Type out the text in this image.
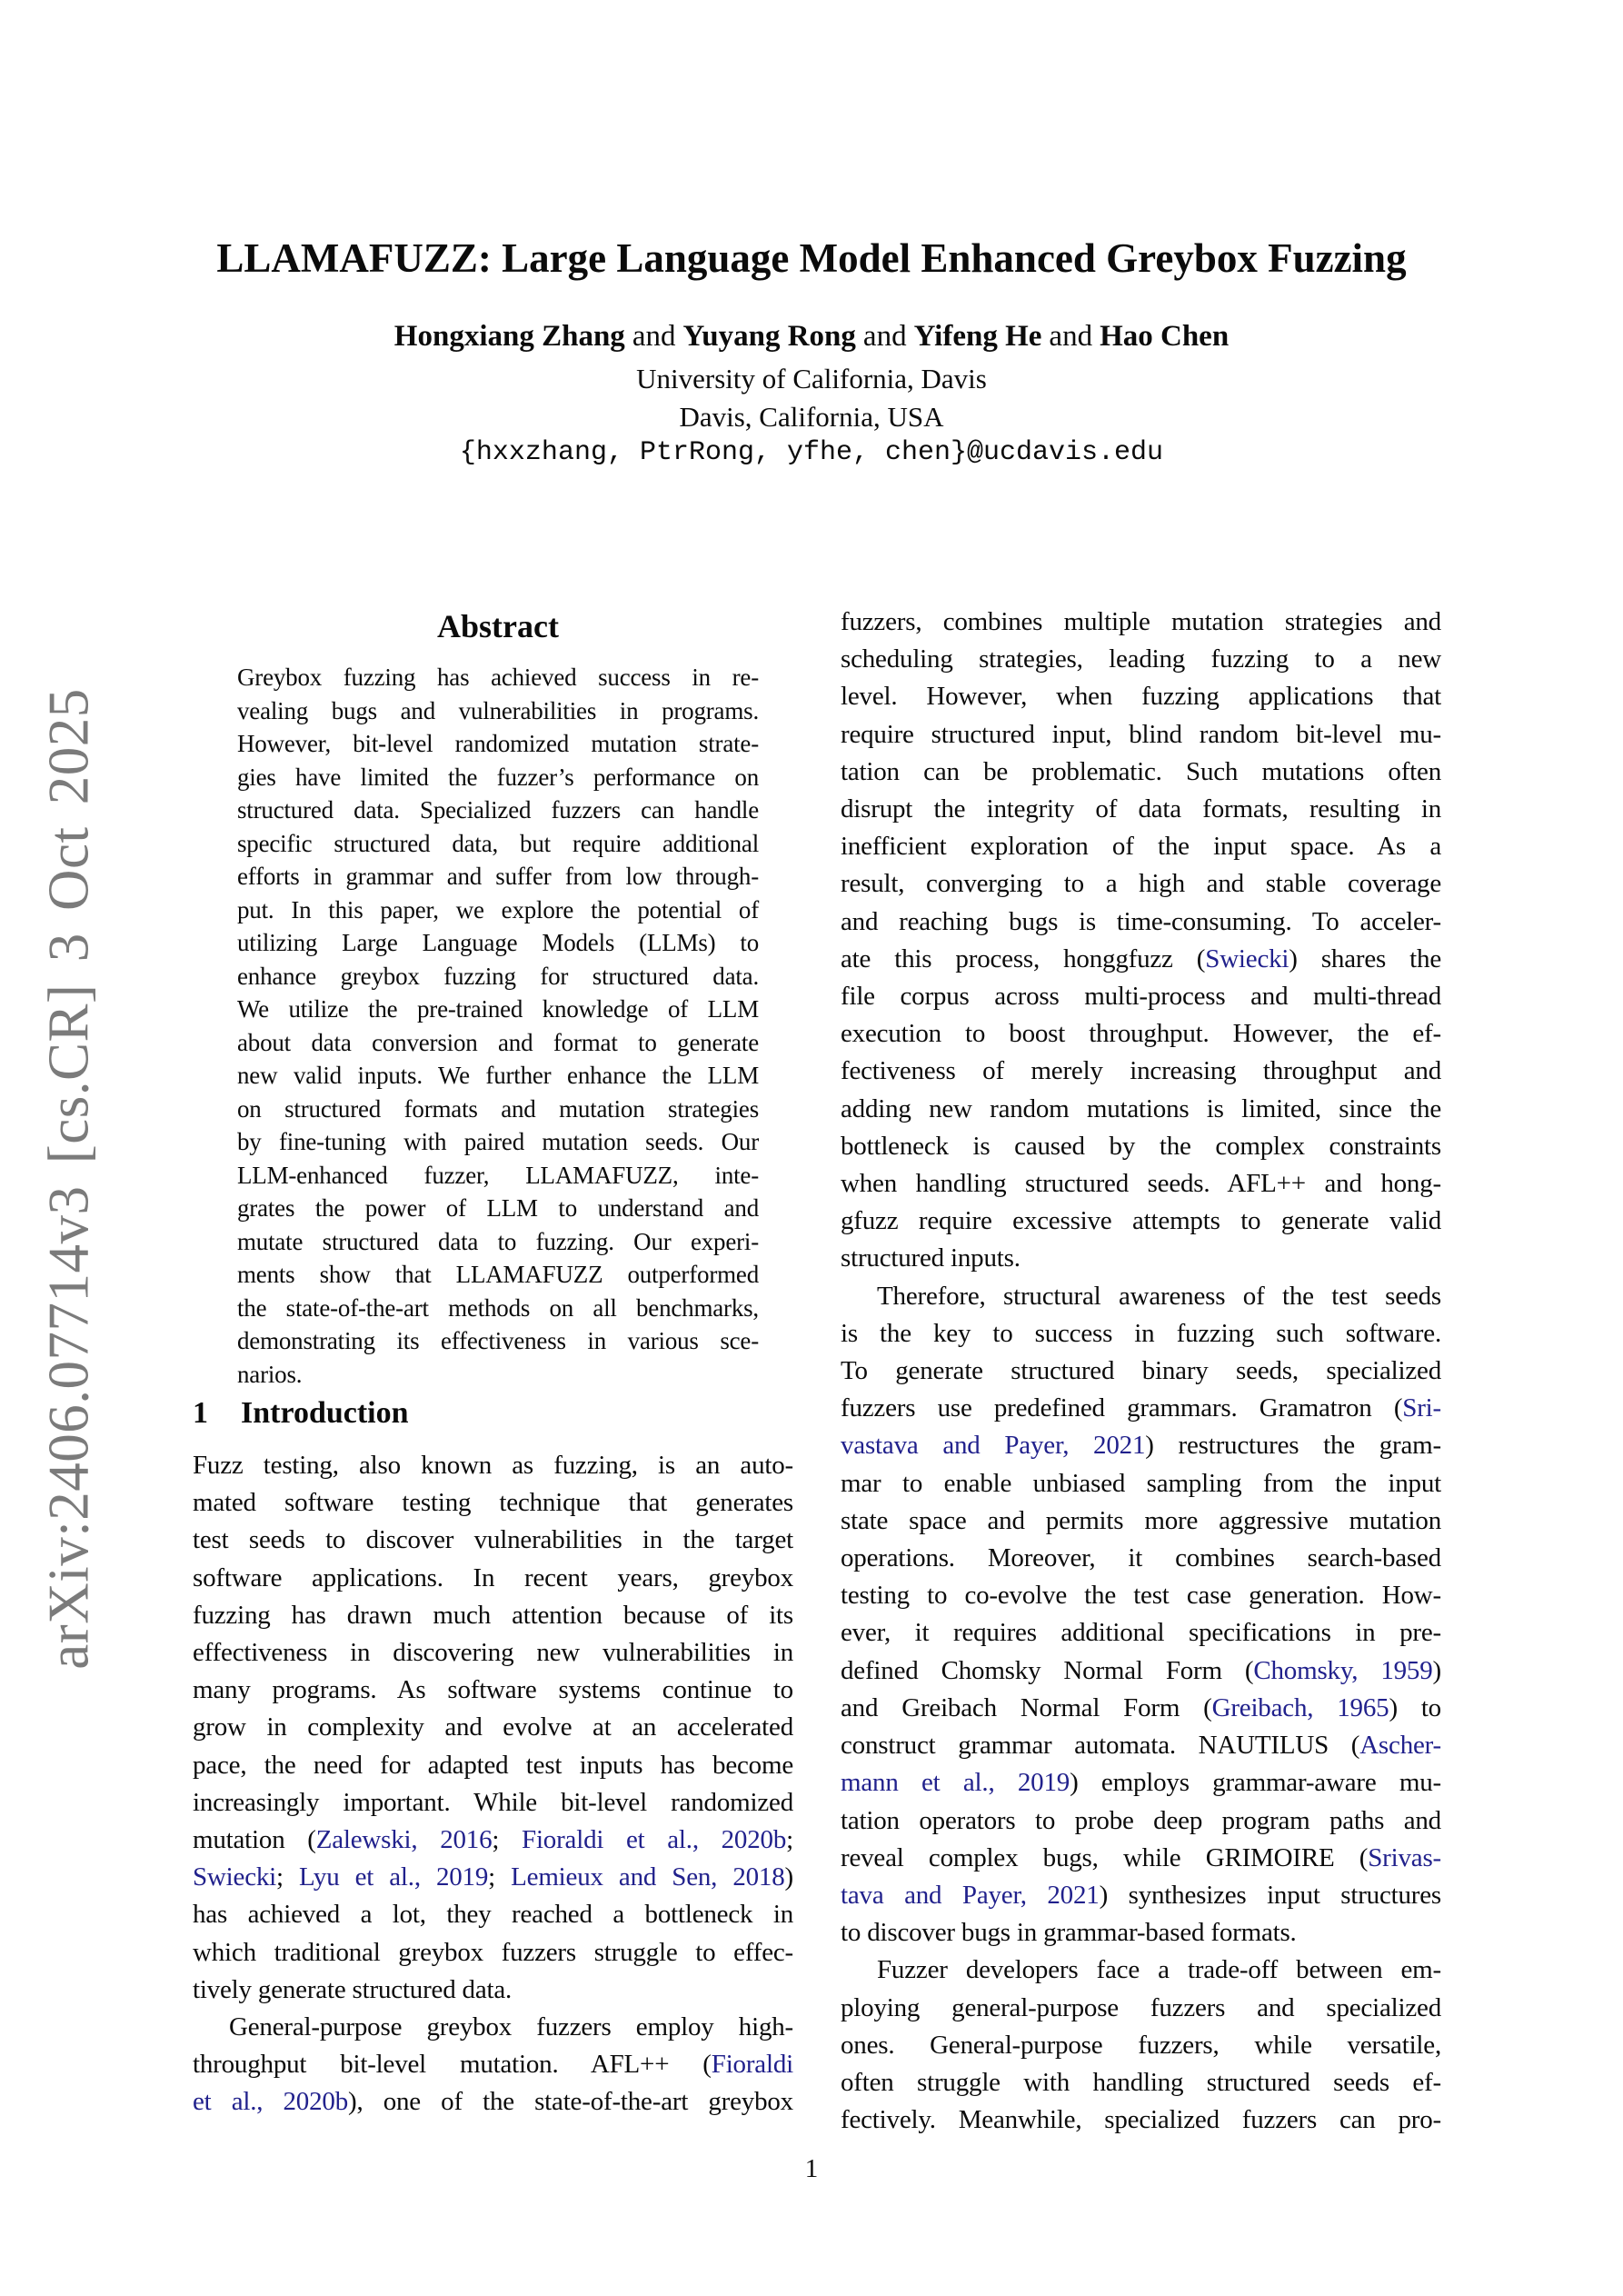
arXiv:2406.07714v3 [cs.CR] 3 Oct 2025
LLAMAFUZZ: Large Language Model Enhanced Greybox Fuzzing
Hongxiang Zhang and Yuyang Rong and Yifeng He and Hao Chen
University of California, Davis
Davis, California, USA
{hxxzhang, PtrRong, yfhe, chen}@ucdavis.edu
Abstract
Greybox fuzzing has achieved success in re-
vealing bugs and vulnerabilities in programs.
However, bit-level randomized mutation strate-
gies have limited the fuzzer’s performance on
structured data. Specialized fuzzers can handle
specific structured data, but require additional
efforts in grammar and suffer from low through-
put. In this paper, we explore the potential of
utilizing Large Language Models (LLMs) to
enhance greybox fuzzing for structured data.
We utilize the pre-trained knowledge of LLM
about data conversion and format to generate
new valid inputs. We further enhance the LLM
on structured formats and mutation strategies
by fine-tuning with paired mutation seeds. Our
LLM-enhanced fuzzer, LLAMAFUZZ, inte-
grates the power of LLM to understand and
mutate structured data to fuzzing. Our experi-
ments show that LLAMAFUZZ outperformed
the state-of-the-art methods on all benchmarks,
demonstrating its effectiveness in various sce-
narios.
1 Introduction
Fuzz testing, also known as fuzzing, is an auto-
mated software testing technique that generates
test seeds to discover vulnerabilities in the target
software applications. In recent years, greybox
fuzzing has drawn much attention because of its
effectiveness in discovering new vulnerabilities in
many programs. As software systems continue to
grow in complexity and evolve at an accelerated
pace, the need for adapted test inputs has become
increasingly important. While bit-level randomized
mutation (Zalewski, 2016; Fioraldi et al., 2020b;
Swiecki; Lyu et al., 2019; Lemieux and Sen, 2018)
has achieved a lot, they reached a bottleneck in
which traditional greybox fuzzers struggle to effec-
tively generate structured data.
General-purpose greybox fuzzers employ high-
throughput bit-level mutation. AFL++ (Fioraldi
et al., 2020b), one of the state-of-the-art greybox
fuzzers, combines multiple mutation strategies and
scheduling strategies, leading fuzzing to a new
level. However, when fuzzing applications that
require structured input, blind random bit-level mu-
tation can be problematic. Such mutations often
disrupt the integrity of data formats, resulting in
inefficient exploration of the input space. As a
result, converging to a high and stable coverage
and reaching bugs is time-consuming. To acceler-
ate this process, honggfuzz (Swiecki) shares the
file corpus across multi-process and multi-thread
execution to boost throughput. However, the ef-
fectiveness of merely increasing throughput and
adding new random mutations is limited, since the
bottleneck is caused by the complex constraints
when handling structured seeds. AFL++ and hong-
gfuzz require excessive attempts to generate valid
structured inputs.
Therefore, structural awareness of the test seeds
is the key to success in fuzzing such software.
To generate structured binary seeds, specialized
fuzzers use predefined grammars. Gramatron (Sri-
vastava and Payer, 2021) restructures the gram-
mar to enable unbiased sampling from the input
state space and permits more aggressive mutation
operations. Moreover, it combines search-based
testing to co-evolve the test case generation. How-
ever, it requires additional specifications in pre-
defined Chomsky Normal Form (Chomsky, 1959)
and Greibach Normal Form (Greibach, 1965) to
construct grammar automata. NAUTILUS (Ascher-
mann et al., 2019) employs grammar-aware mu-
tation operators to probe deep program paths and
reveal complex bugs, while GRIMOIRE (Srivas-
tava and Payer, 2021) synthesizes input structures
to discover bugs in grammar-based formats.
Fuzzer developers face a trade-off between em-
ploying general-purpose fuzzers and specialized
ones. General-purpose fuzzers, while versatile,
often struggle with handling structured seeds ef-
fectively. Meanwhile, specialized fuzzers can pro-
1
